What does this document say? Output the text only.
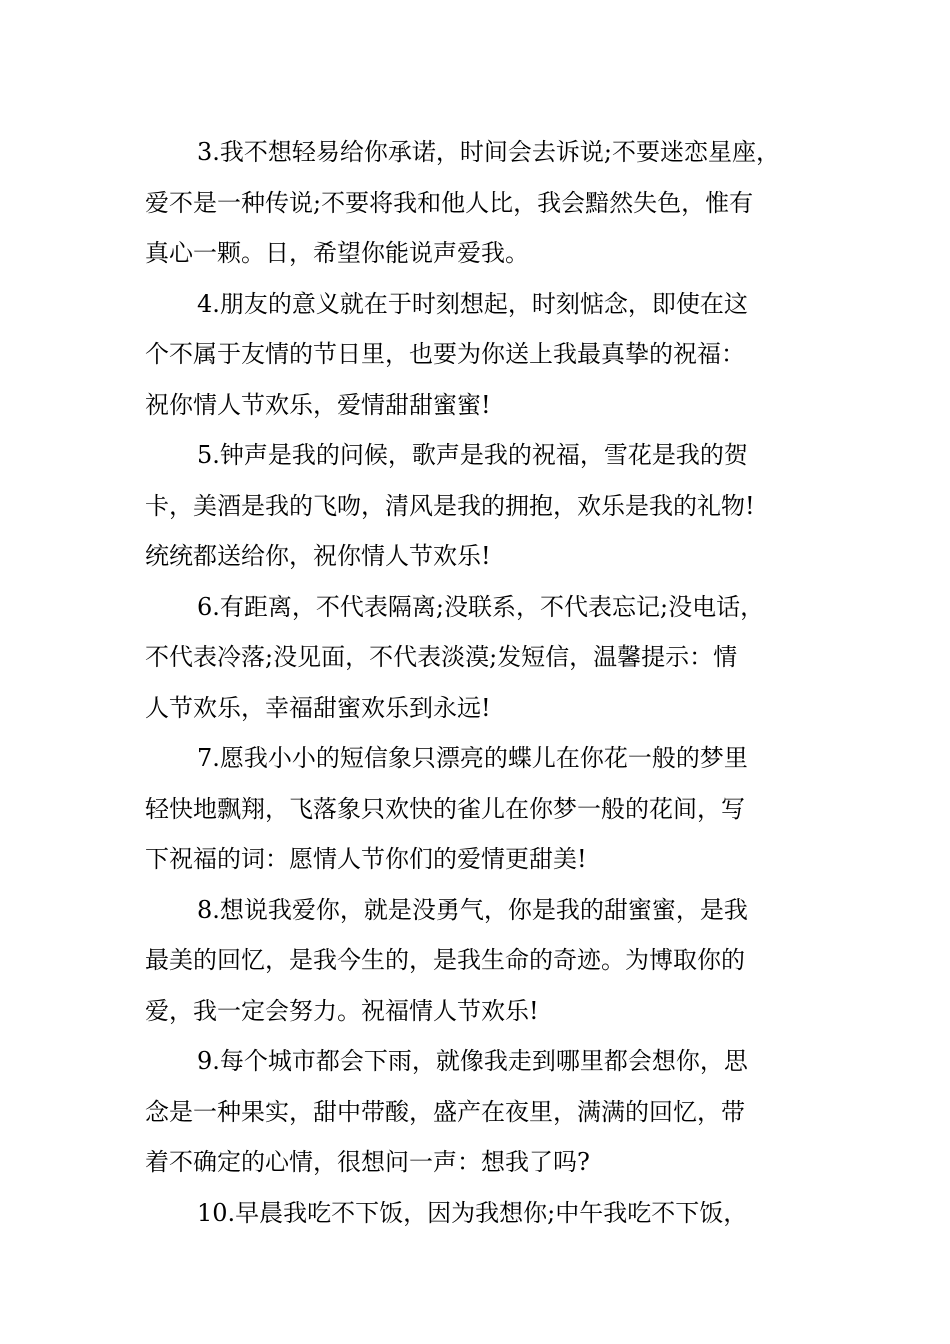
3.我不想轻易给你承诺，时间会去诉说;不要迷恋星座，
爱不是一种传说;不要将我和他人比，我会黯然失色，惟有
真心一颗。日，希望你能说声爱我。
4.朋友的意义就在于时刻想起，时刻惦念，即使在这
个不属于友情的节日里，也要为你送上我最真挚的祝福：
祝你情人节欢乐，爱情甜甜蜜蜜!
5.钟声是我的问候，歌声是我的祝福，雪花是我的贺
卡，美酒是我的飞吻，清风是我的拥抱，欢乐是我的礼物!
统统都送给你，祝你情人节欢乐!
6.有距离，不代表隔离;没联系，不代表忘记;没电话，
不代表冷落;没见面，不代表淡漠;发短信，温馨提示：情
人节欢乐，幸福甜蜜欢乐到永远!
7.愿我小小的短信象只漂亮的蝶儿在你花一般的梦里
轻快地飘翔，飞落象只欢快的雀儿在你梦一般的花间，写
下祝福的词：愿情人节你们的爱情更甜美!
8.想说我爱你，就是没勇气，你是我的甜蜜蜜，是我
最美的回忆，是我今生的，是我生命的奇迹。为博取你的
爱，我一定会努力。祝福情人节欢乐!
9.每个城市都会下雨，就像我走到哪里都会想你，思
念是一种果实，甜中带酸，盛产在夜里，满满的回忆，带
着不确定的心情，很想问一声：想我了吗?
10.早晨我吃不下饭，因为我想你;中午我吃不下饭，
